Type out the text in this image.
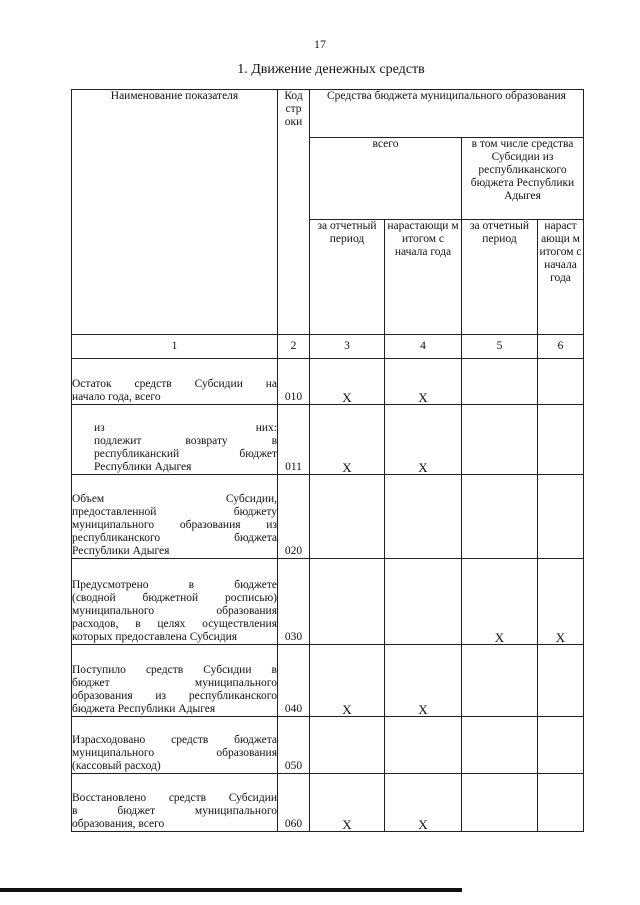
17
1. Движение денежных средств
Наименование показателя	Код стр оки	Средства бюджета муниципального образования			
		всего		в том числе средства Субсидии из республиканского бюджета Республики Адыгея	
		за отчетный период	нарастающи м итогом с начала года	за отчетный период	нараст ающи м итогом с начала года
1	2	3	4	5	6

Остаток средств Субсидии на
начало года, всего	010	Х	Х		

из них:
подлежит возврату в
республиканский бюджет
Республики Адыгея	011	Х	Х		

Объем Субсидии,
предоставленной бюджету
муниципального образования из
республиканского бюджета
Республики Адыгея	020				

Предусмотрено в бюджете
(сводной бюджетной росписью)
муниципального образования
расходов, в целях осуществления
которых предоставлена Субсидия	030			Х	Х

Поступило средств Субсидии в
бюджет муниципального
образования из республиканского
бюджета Республики Адыгея	040	Х	Х		

Израсходовано средств бюджета
муниципального образования
(кассовый расход)	050				

Восстановлено средств Субсидии
в бюджет муниципального
образования, всего	060	Х	Х		
